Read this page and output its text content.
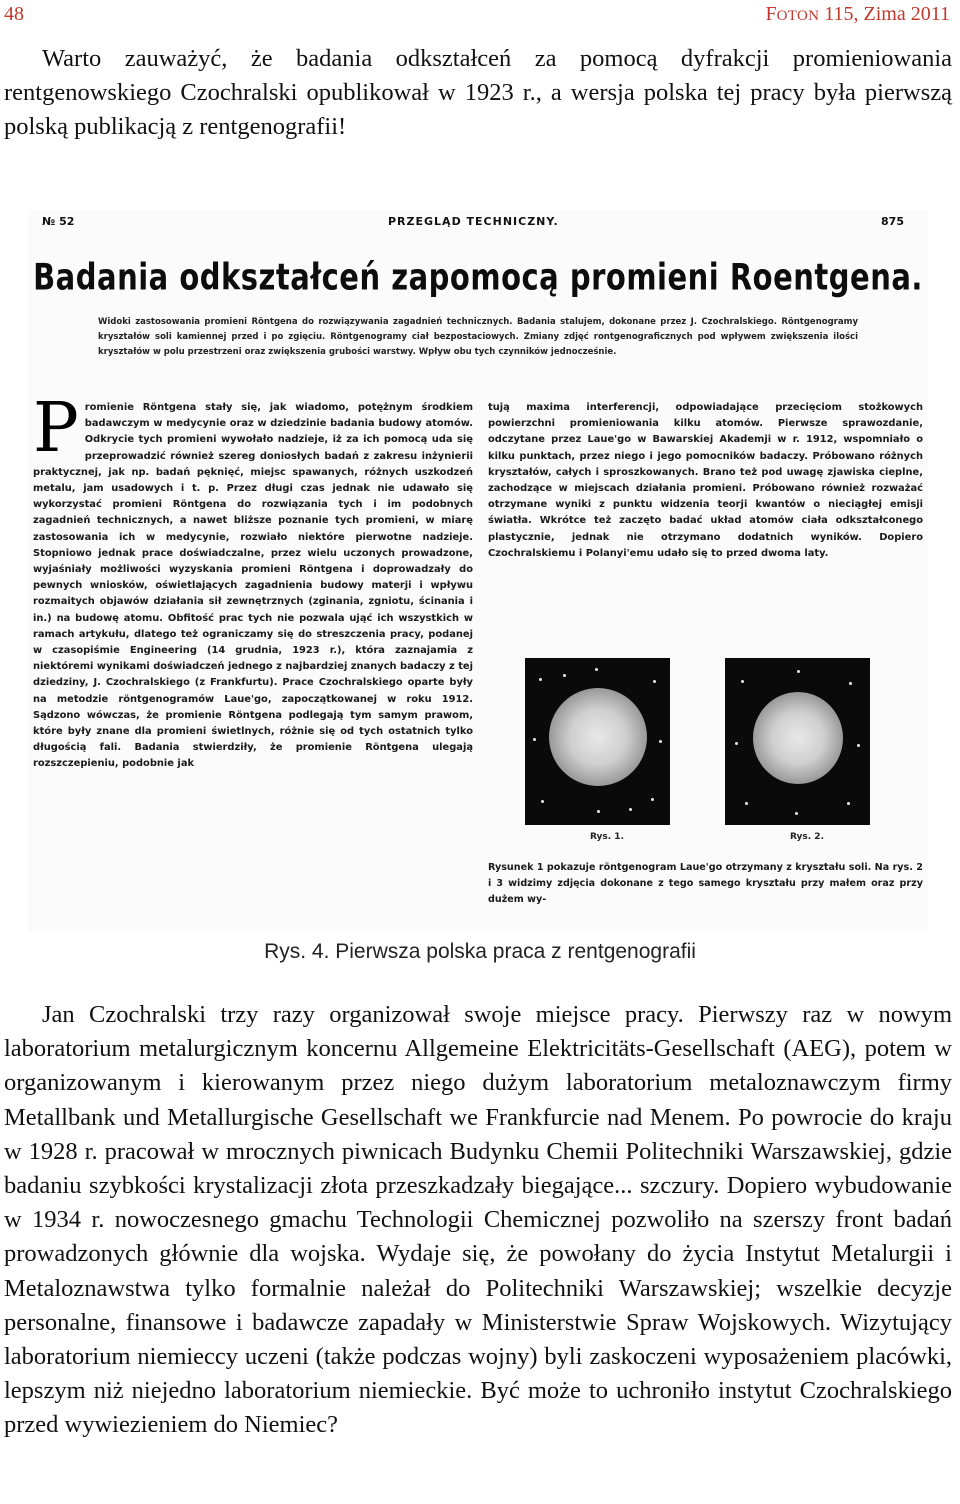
48	FOTON 115, Zima 2011

Warto zauważyć, że badania odkształceń za pomocą dyfrakcji promieniowania rentgenowskiego Czochralski opublikował w 1923 r., a wersja polska tej pracy była pierwszą polską publikacją z rentgenografii!

№ 52	PRZEGLĄD TECHNICZNY.	875
Badania odkształceń zapomocą promieni Roentgena.

Widoki zastosowania promieni Röntgena do rozwiązywania zagadnień technicznych. Badania stalujem, dokonane przez J. Czochralskiego. Röntgenogramy kryształów soli kamiennej przed i po zgięciu. Röntgenogramy ciał bezpostaciowych. Zmiany zdjęć rontgenograficznych pod wpływem zwiększenia ilości kryształów w polu przestrzeni oraz zwiększenia grubości warstwy. Wpływ obu tych czynników jednocześnie.

Promienie Röntgena stały się, jak wiadomo, potężnym środkiem badawczym w medycynie oraz w dziedzinie badania budowy atomów. Odkrycie tych promieni wywołało nadzieje, iż za ich pomocą uda się przeprowadzić również szereg doniosłych badań z zakresu inżynierii praktycznej, jak np. badań pęknięć, miejsc spawanych, różnych uszkodzeń metalu, jam usadowych i t. p. Przez długi czas jednak nie udawało się wykorzystać promieni Röntgena do rozwiązania tych i im podobnych zagadnień technicznych, a nawet bliższe poznanie tych promieni, w miarę zastosowania ich w medycynie, rozwiało niektóre pierwotne nadzieje. Stopniowo jednak prace doświadczalne, przez wielu uczonych prowadzone, wyjaśniały możliwości wyzyskania promieni Röntgena i doprowadzały do pewnych wniosków, oświetlających zagadnienia budowy materji i wpływu rozmaitych objawów działania sił zewnętrznych (zginania, zgniotu, ścinania i in.) na budowę atomu. Obfitość prac tych nie pozwala ująć ich wszystkich w ramach artykułu, dlatego też ograniczamy się do streszczenia pracy, podanej w czasopiśmie Engineering (14 grudnia, 1923 r.), która zaznajamia z niektóremi wynikami doświadczeń jednego z najbardziej znanych badaczy z tej dziedziny, J. Czochralskiego (z Frankfurtu). Prace Czochralskiego oparte były na metodzie röntgenogramów Laue'go, zapoczątkowanej w roku 1912. Sądzono wówczas, że promienie Röntgena podlegają tym samym prawom, które były znane dla promieni świetlnych, różnie się od tych ostatnich tylko długością fali. Badania stwierdziły, że promienie Röntgena ulegają rozszczepieniu, podobnie jak

tują maxima interferencji, odpowiadające przecięciom stożkowych powierzchni promieniowania kilku atomów. Pierwsze sprawozdanie, odczytane przez Laue'go w Bawarskiej Akademji w r. 1912, wspomniało o kilku punktach, przez niego i jego pomocników badaczy. Próbowano różnych kryształów, całych i sproszkowanych. Brano też pod uwagę zjawiska cieplne, zachodzące w miejscach działania promieni. Próbowano również rozważać otrzymane wyniki z punktu widzenia teorji kwantów o nieciągłej emisji światła. Wkrótce też zaczęto badać układ atomów ciała odkształconego plastycznie, jednak nie otrzymano dodatnich wyników. Dopiero Czochralskiemu i Polanyi'emu udało się to przed dwoma laty.

Rys. 1.	Rys. 2.

Rysunek 1 pokazuje röntgenogram Laue'go otrzymany z kryształu soli. Na rys. 2 i 3 widzimy zdjęcia dokonane z tego samego kryształu przy małem oraz przy dużem wy-

Rys. 4. Pierwsza polska praca z rentgenografii

Jan Czochralski trzy razy organizował swoje miejsce pracy. Pierwszy raz w nowym laboratorium metalurgicznym koncernu Allgemeine Elektricitäts-Gesellschaft (AEG), potem w organizowanym i kierowanym przez niego dużym laboratorium metaloznawczym firmy Metallbank und Metallurgische Gesellschaft we Frankfurcie nad Menem. Po powrocie do kraju w 1928 r. pracował w mrocznych piwnicach Budynku Chemii Politechniki Warszawskiej, gdzie badaniu szybkości krystalizacji złota przeszkadzały biegające... szczury. Dopiero wybudowanie w 1934 r. nowoczesnego gmachu Technologii Chemicznej pozwoliło na szerszy front badań prowadzonych głównie dla wojska. Wydaje się, że powołany do życia Instytut Metalurgii i Metaloznawstwa tylko formalnie należał do Politechniki Warszawskiej; wszelkie decyzje personalne, finansowe i badawcze zapadały w Ministerstwie Spraw Wojskowych. Wizytujący laboratorium niemieccy uczeni (także podczas wojny) byli zaskoczeni wyposażeniem placówki, lepszym niż niejedno laboratorium niemieckie. Być może to uchroniło instytut Czochralskiego przed wywiezieniem do Niemiec?
